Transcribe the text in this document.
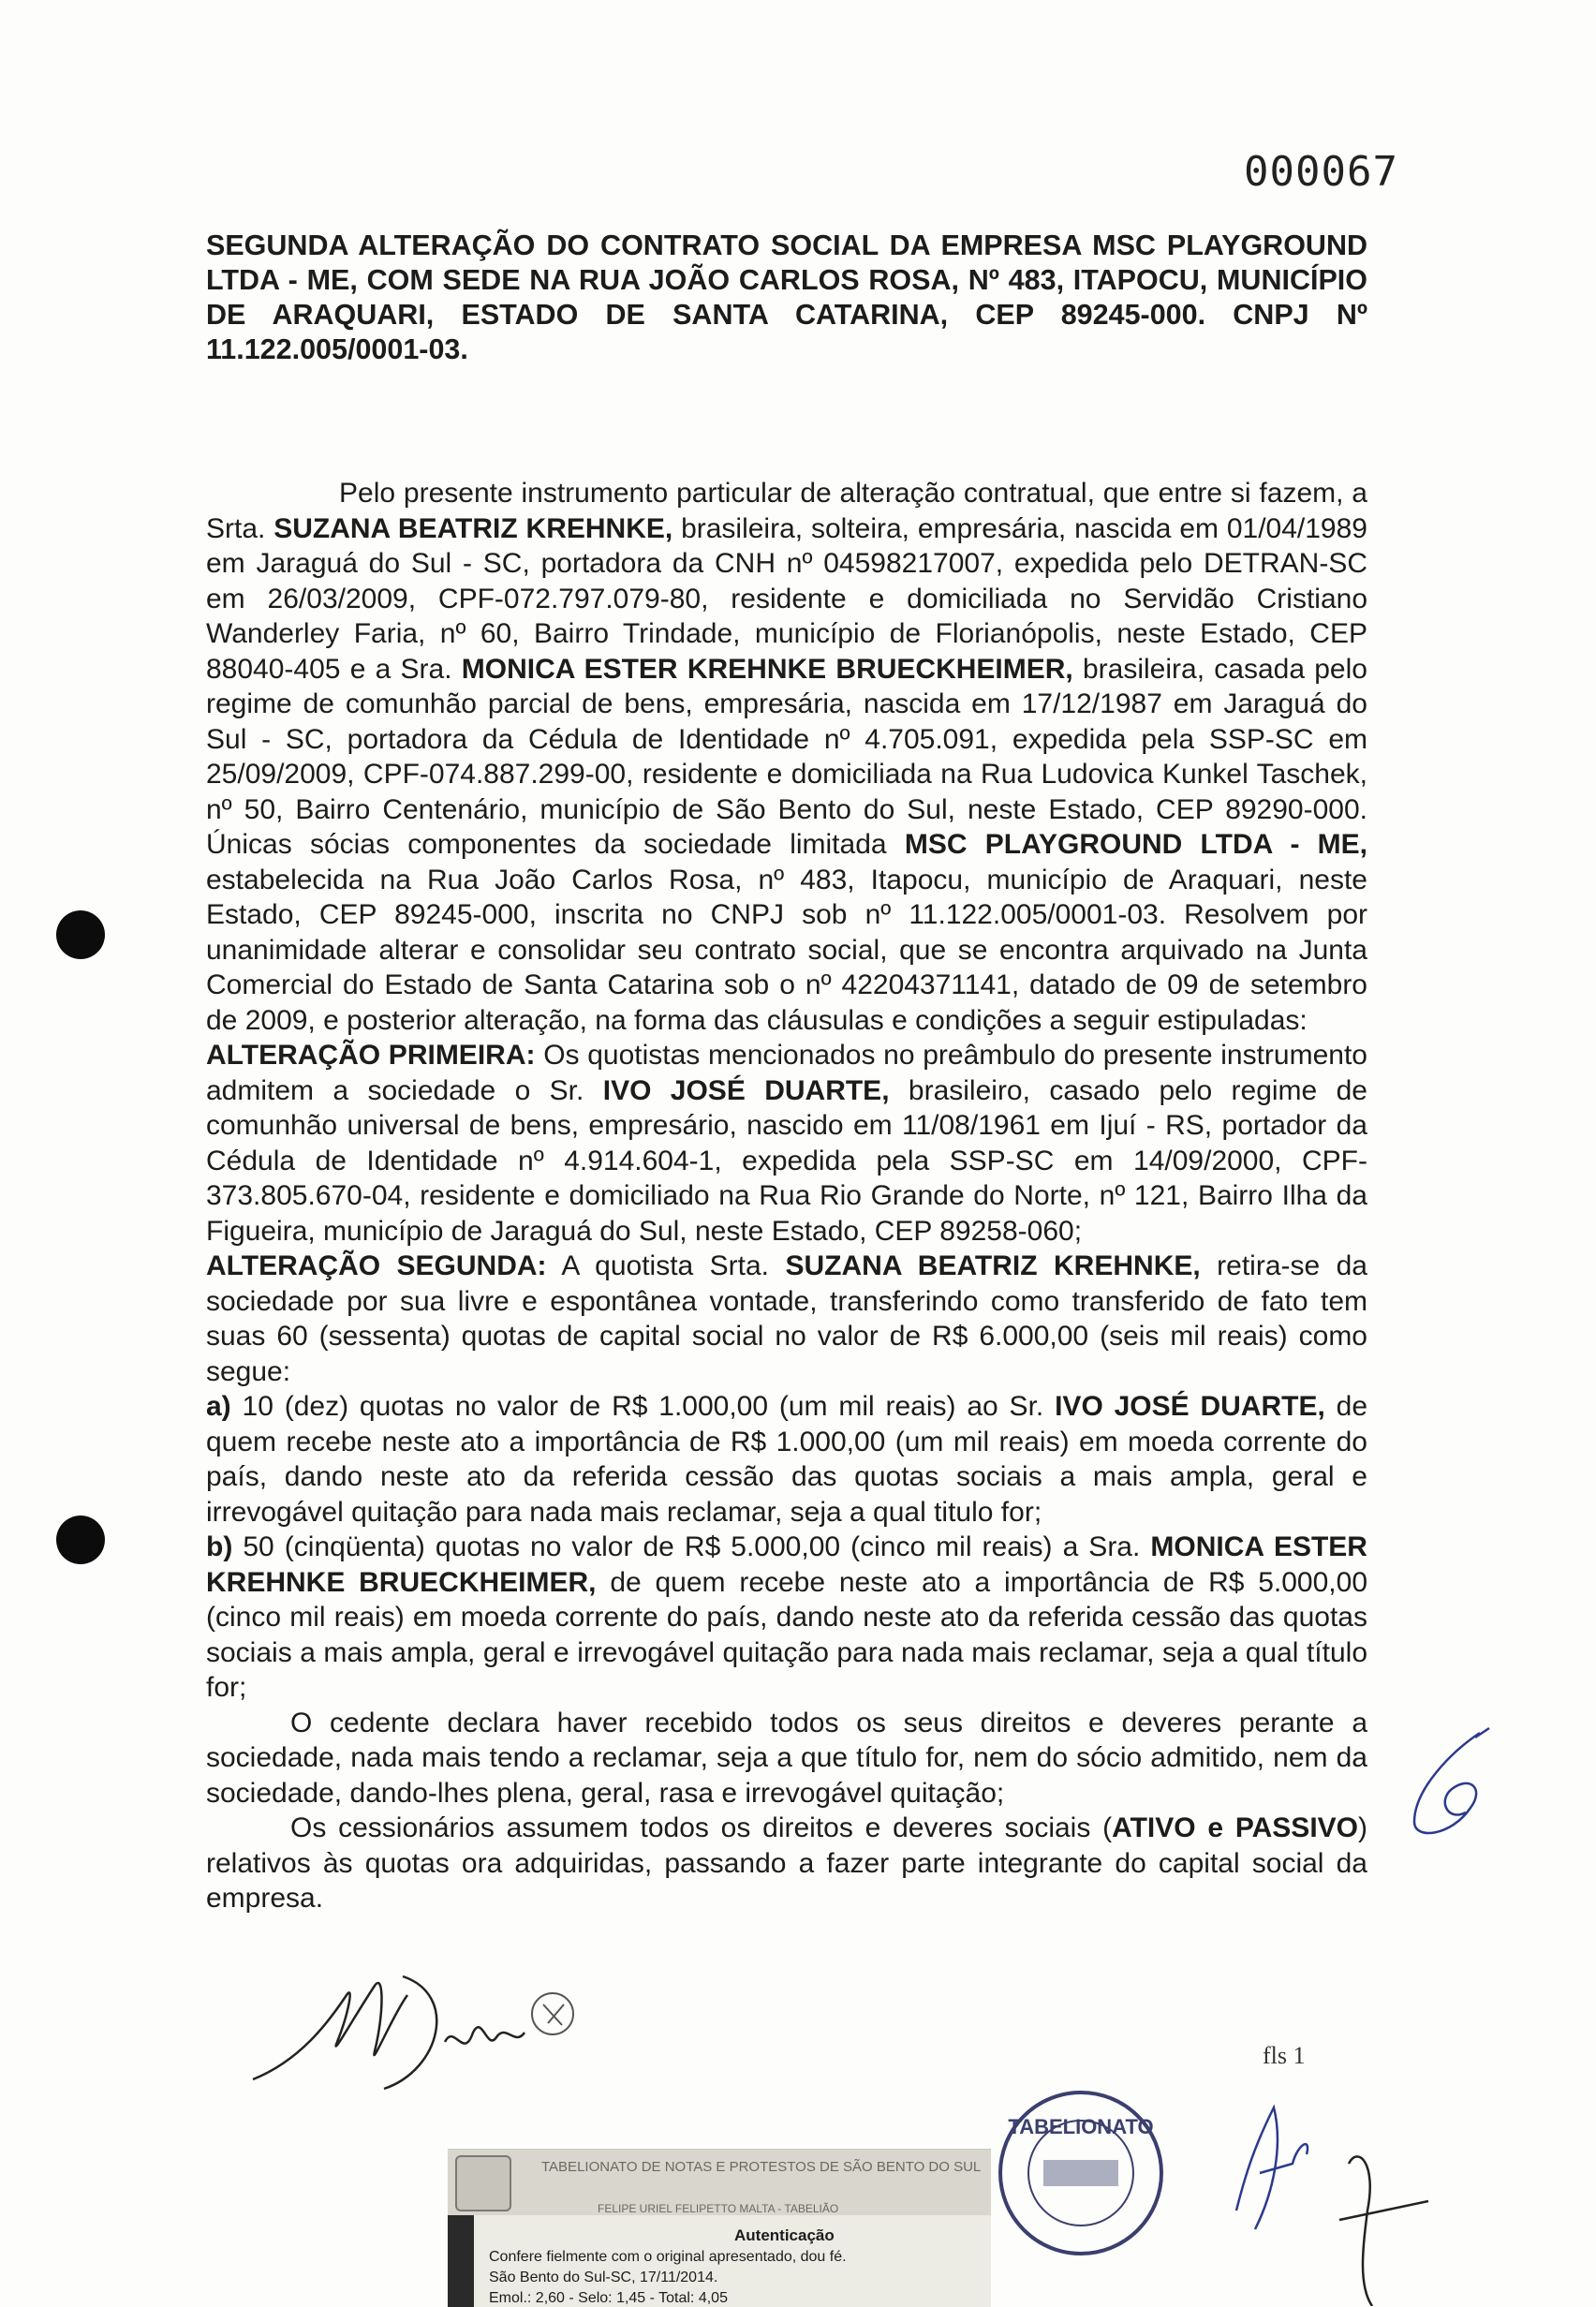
000067
SEGUNDA ALTERAÇÃO DO CONTRATO SOCIAL DA EMPRESA MSC PLAYGROUND LTDA - ME, COM SEDE NA RUA JOÃO CARLOS ROSA, Nº 483, ITAPOCU, MUNICÍPIO DE ARAQUARI, ESTADO DE SANTA CATARINA, CEP 89245-000. CNPJ Nº 11.122.005/0001-03.

Pelo presente instrumento particular de alteração contratual, que entre si fazem, a Srta. SUZANA BEATRIZ KREHNKE, brasileira, solteira, empresária, nascida em 01/04/1989 em Jaraguá do Sul - SC, portadora da CNH nº 04598217007, expedida pelo DETRAN-SC em 26/03/2009, CPF-072.797.079-80, residente e domiciliada no Servidão Cristiano Wanderley Faria, nº 60, Bairro Trindade, município de Florianópolis, neste Estado, CEP 88040-405 e a Sra. MONICA ESTER KREHNKE BRUECKHEIMER, brasileira, casada pelo regime de comunhão parcial de bens, empresária, nascida em 17/12/1987 em Jaraguá do Sul - SC, portadora da Cédula de Identidade nº 4.705.091, expedida pela SSP-SC em 25/09/2009, CPF-074.887.299-00, residente e domiciliada na Rua Ludovica Kunkel Taschek, nº 50, Bairro Centenário, município de São Bento do Sul, neste Estado, CEP 89290-000. Únicas sócias componentes da sociedade limitada MSC PLAYGROUND LTDA - ME, estabelecida na Rua João Carlos Rosa, nº 483, Itapocu, município de Araquari, neste Estado, CEP 89245-000, inscrita no CNPJ sob nº 11.122.005/0001-03. Resolvem por unanimidade alterar e consolidar seu contrato social, que se encontra arquivado na Junta Comercial do Estado de Santa Catarina sob o nº 42204371141, datado de 09 de setembro de 2009, e posterior alteração, na forma das cláusulas e condições a seguir estipuladas:

ALTERAÇÃO PRIMEIRA: Os quotistas mencionados no preâmbulo do presente instrumento admitem a sociedade o Sr. IVO JOSÉ DUARTE, brasileiro, casado pelo regime de comunhão universal de bens, empresário, nascido em 11/08/1961 em Ijuí - RS, portador da Cédula de Identidade nº 4.914.604-1, expedida pela SSP-SC em 14/09/2000, CPF-373.805.670-04, residente e domiciliado na Rua Rio Grande do Norte, nº 121, Bairro Ilha da Figueira, município de Jaraguá do Sul, neste Estado, CEP 89258-060;

ALTERAÇÃO SEGUNDA: A quotista Srta. SUZANA BEATRIZ KREHNKE, retira-se da sociedade por sua livre e espontânea vontade, transferindo como transferido de fato tem suas 60 (sessenta) quotas de capital social no valor de R$ 6.000,00 (seis mil reais) como segue:

a) 10 (dez) quotas no valor de R$ 1.000,00 (um mil reais) ao Sr. IVO JOSÉ DUARTE, de quem recebe neste ato a importância de R$ 1.000,00 (um mil reais) em moeda corrente do país, dando neste ato da referida cessão das quotas sociais a mais ampla, geral e irrevogável quitação para nada mais reclamar, seja a qual titulo for;

b) 50 (cinqüenta) quotas no valor de R$ 5.000,00 (cinco mil reais) a Sra. MONICA ESTER KREHNKE BRUECKHEIMER, de quem recebe neste ato a importância de R$ 5.000,00 (cinco mil reais) em moeda corrente do país, dando neste ato da referida cessão das quotas sociais a mais ampla, geral e irrevogável quitação para nada mais reclamar, seja a qual título for;

O cedente declara haver recebido todos os seus direitos e deveres perante a sociedade, nada mais tendo a reclamar, seja a que título for, nem do sócio admitido, nem da sociedade, dando-lhes plena, geral, rasa e irrevogável quitação;

Os cessionários assumem todos os direitos e deveres sociais (ATIVO e PASSIVO) relativos às quotas ora adquiridas, passando a fazer parte integrante do capital social da empresa.

fls 1
TABELIONATO DE NOTAS E PROTESTOS DE SÃO BENTO DO SUL
FELIPE URIEL FELIPETTO MALTA - TABELIÃO
Autenticação
Confere fielmente com o original apresentado, dou fé.
São Bento do Sul-SC, 17/11/2014.
Emol.: 2,60 - Selo: 1,45 - Total: 4,05
TABELIONATO
